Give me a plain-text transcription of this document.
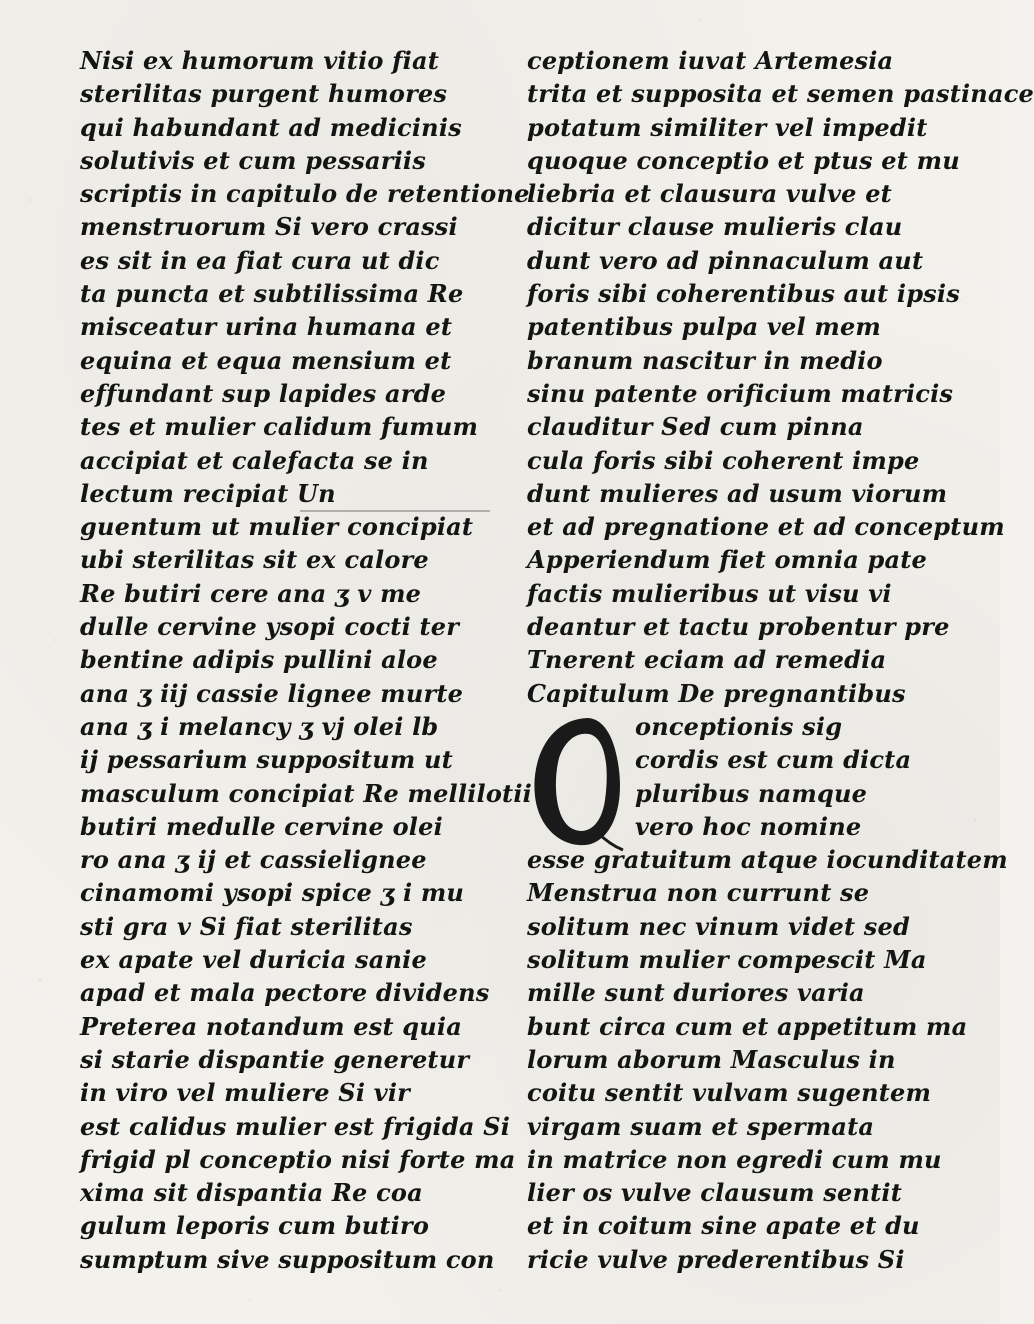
Nisi ex humorum vitio fiat
sterilitas purgent humores
qui habundant ad medicinis
solutivis et cum pessariis
scriptis in capitulo de retentione
menstruorum Si vero crassi
es sit in ea fiat cura ut dic
ta puncta et subtilissima Re
misceatur urina humana et
equina et equa mensium et
effundant sup lapides arde
tes et mulier calidum fumum
accipiat et calefacta se in
lectum recipiat Un
guentum ut mulier concipiat
ubi sterilitas sit ex calore
Re butiri cere ana ʒ v me
dulle cervine ysopi cocti ter
bentine adipis pullini aloe
ana ʒ iij cassie lignee murte
ana ʒ i melancy ʒ vj olei lb
ij pessarium suppositum ut
masculum concipiat Re mellilotii
butiri medulle cervine olei
ro ana ʒ ij et cassielignee
cinamomi ysopi spice ʒ i mu
sti gra v Si fiat sterilitas
ex apate vel duricia sanie
apad et mala pectore dividens
Preterea notandum est quia
si starie dispantie generetur
in viro vel muliere Si vir
est calidus mulier est frigida Si
frigid pl conceptio nisi forte ma
xima sit dispantia Re coa
gulum leporis cum butiro
sumptum sive suppositum con
ceptionem iuvat Artemesia
trita et supposita et semen pastinace
potatum similiter vel impedit
quoque conceptio et ptus et mu
liebria et clausura vulve et
dicitur clause mulieris clau
dunt vero ad pinnaculum aut
foris sibi coherentibus aut ipsis
patentibus pulpa vel mem
branum nascitur in medio
sinu patente orificium matricis
clauditur Sed cum pinna
cula foris sibi coherent impe
dunt mulieres ad usum viorum
et ad pregnatione et ad conceptum
Apperiendum fiet omnia pate
factis mulieribus ut visu vi
deantur et tactu probentur pre
Tnerent eciam ad remedia
Capitulum De pregnantibus
onceptionis sig
cordis est cum dicta
pluribus namque
vero hoc nomine
esse gratuitum atque iocunditatem
Menstrua non currunt se
solitum nec vinum videt sed
solitum mulier compescit Ma
mille sunt duriores varia
bunt circa cum et appetitum ma
lorum aborum Masculus in
coitu sentit vulvam sugentem
virgam suam et spermata
in matrice non egredi cum mu
lier os vulve clausum sentit
et in coitum sine apate et du
ricie vulve prederentibus Si
